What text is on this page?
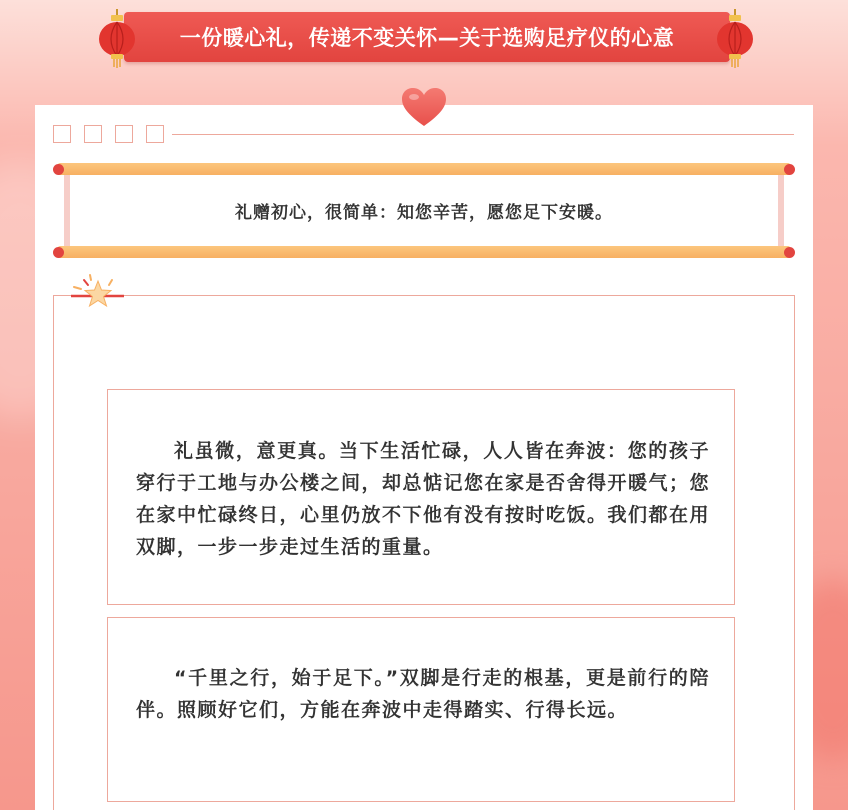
一份暖心礼，传递不变关怀—关于选购足疗仪的心意
礼赠初心，很简单：知您辛苦，愿您足下安暖。

礼虽微，意更真。当下生活忙碌，人人皆在奔波：您的孩子穿行于工地与办公楼之间，却总惦记您在家是否舍得开暖气；您在家中忙碌终日，心里仍放不下他有没有按时吃饭。我们都在用双脚，一步一步走过生活的重量。

“千里之行，始于足下。”双脚是行走的根基，更是前行的陪伴。照顾好它们，方能在奔波中走得踏实、行得长远。
